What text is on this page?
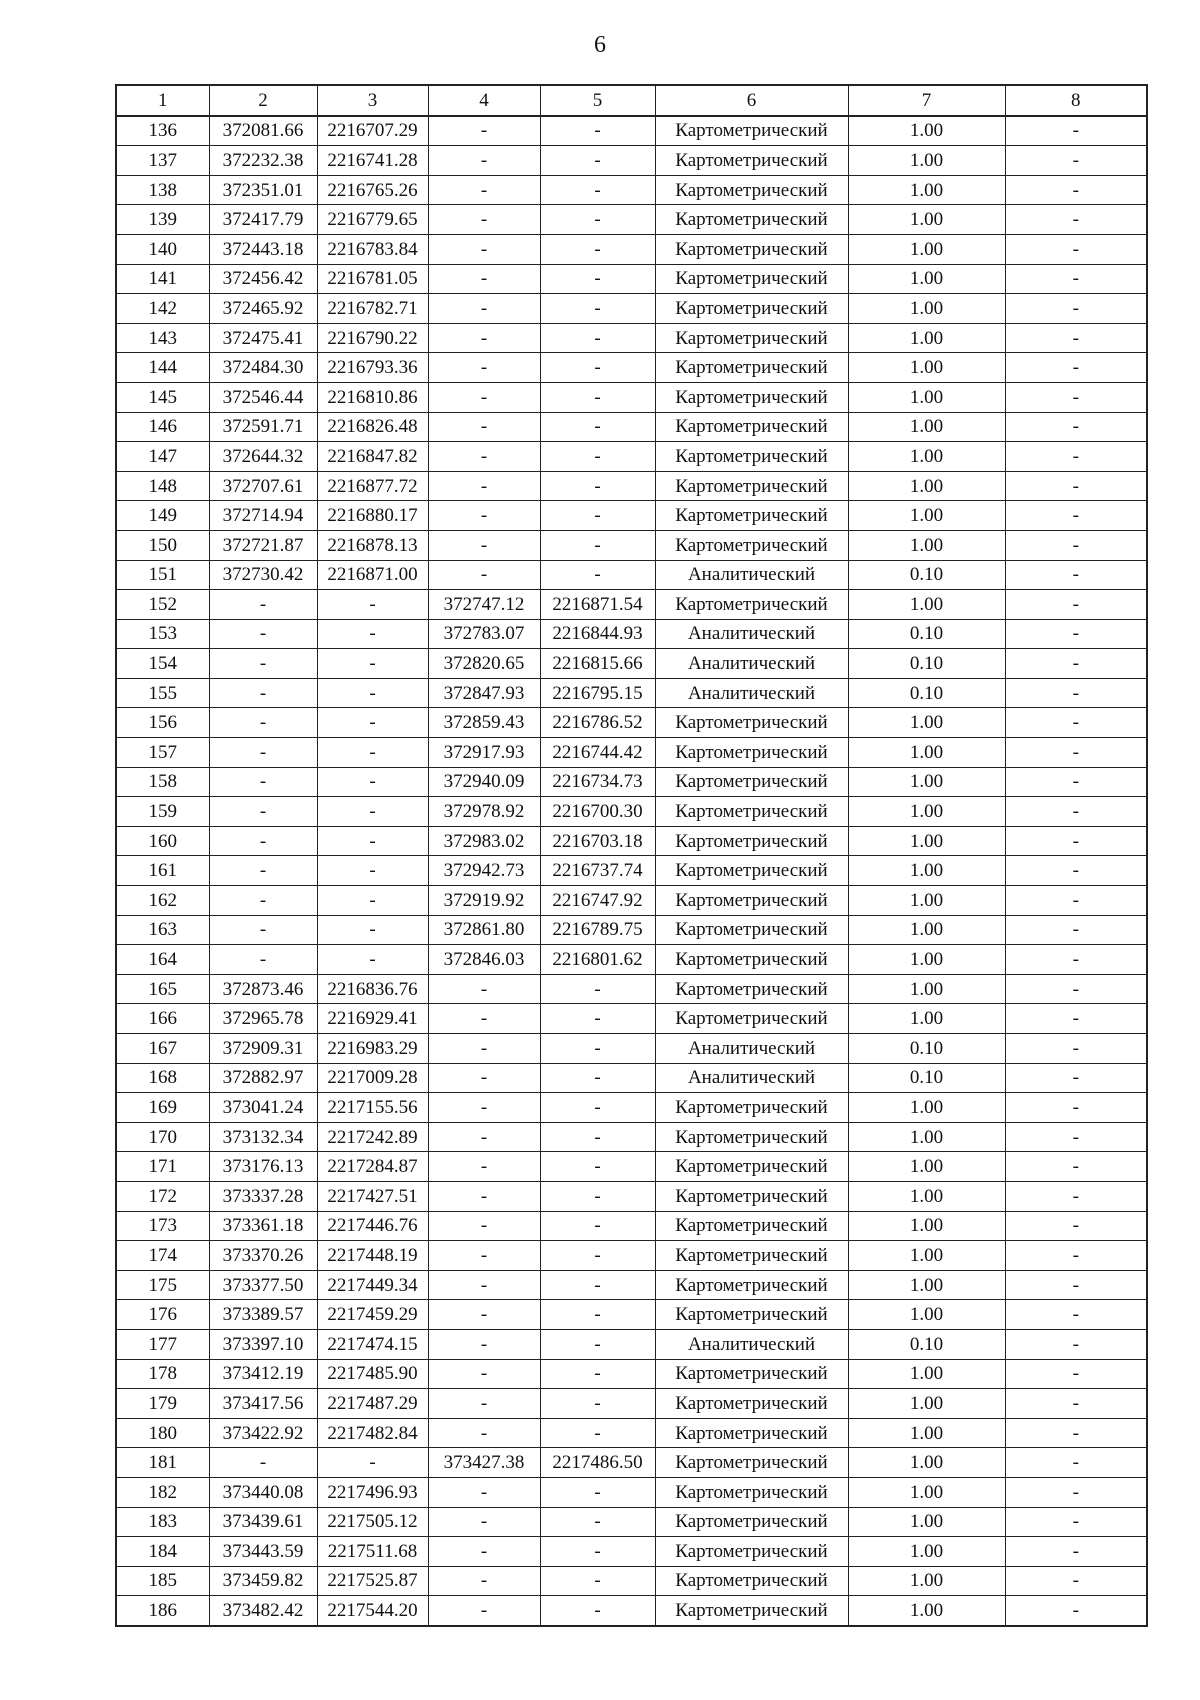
6
1	2	3	4	5	6	7	8
136	372081.66	2216707.29	-	-	Картометрический	1.00	-
137	372232.38	2216741.28	-	-	Картометрический	1.00	-
138	372351.01	2216765.26	-	-	Картометрический	1.00	-
139	372417.79	2216779.65	-	-	Картометрический	1.00	-
140	372443.18	2216783.84	-	-	Картометрический	1.00	-
141	372456.42	2216781.05	-	-	Картометрический	1.00	-
142	372465.92	2216782.71	-	-	Картометрический	1.00	-
143	372475.41	2216790.22	-	-	Картометрический	1.00	-
144	372484.30	2216793.36	-	-	Картометрический	1.00	-
145	372546.44	2216810.86	-	-	Картометрический	1.00	-
146	372591.71	2216826.48	-	-	Картометрический	1.00	-
147	372644.32	2216847.82	-	-	Картометрический	1.00	-
148	372707.61	2216877.72	-	-	Картометрический	1.00	-
149	372714.94	2216880.17	-	-	Картометрический	1.00	-
150	372721.87	2216878.13	-	-	Картометрический	1.00	-
151	372730.42	2216871.00	-	-	Аналитический	0.10	-
152	-	-	372747.12	2216871.54	Картометрический	1.00	-
153	-	-	372783.07	2216844.93	Аналитический	0.10	-
154	-	-	372820.65	2216815.66	Аналитический	0.10	-
155	-	-	372847.93	2216795.15	Аналитический	0.10	-
156	-	-	372859.43	2216786.52	Картометрический	1.00	-
157	-	-	372917.93	2216744.42	Картометрический	1.00	-
158	-	-	372940.09	2216734.73	Картометрический	1.00	-
159	-	-	372978.92	2216700.30	Картометрический	1.00	-
160	-	-	372983.02	2216703.18	Картометрический	1.00	-
161	-	-	372942.73	2216737.74	Картометрический	1.00	-
162	-	-	372919.92	2216747.92	Картометрический	1.00	-
163	-	-	372861.80	2216789.75	Картометрический	1.00	-
164	-	-	372846.03	2216801.62	Картометрический	1.00	-
165	372873.46	2216836.76	-	-	Картометрический	1.00	-
166	372965.78	2216929.41	-	-	Картометрический	1.00	-
167	372909.31	2216983.29	-	-	Аналитический	0.10	-
168	372882.97	2217009.28	-	-	Аналитический	0.10	-
169	373041.24	2217155.56	-	-	Картометрический	1.00	-
170	373132.34	2217242.89	-	-	Картометрический	1.00	-
171	373176.13	2217284.87	-	-	Картометрический	1.00	-
172	373337.28	2217427.51	-	-	Картометрический	1.00	-
173	373361.18	2217446.76	-	-	Картометрический	1.00	-
174	373370.26	2217448.19	-	-	Картометрический	1.00	-
175	373377.50	2217449.34	-	-	Картометрический	1.00	-
176	373389.57	2217459.29	-	-	Картометрический	1.00	-
177	373397.10	2217474.15	-	-	Аналитический	0.10	-
178	373412.19	2217485.90	-	-	Картометрический	1.00	-
179	373417.56	2217487.29	-	-	Картометрический	1.00	-
180	373422.92	2217482.84	-	-	Картометрический	1.00	-
181	-	-	373427.38	2217486.50	Картометрический	1.00	-
182	373440.08	2217496.93	-	-	Картометрический	1.00	-
183	373439.61	2217505.12	-	-	Картометрический	1.00	-
184	373443.59	2217511.68	-	-	Картометрический	1.00	-
185	373459.82	2217525.87	-	-	Картометрический	1.00	-
186	373482.42	2217544.20	-	-	Картометрический	1.00	-
